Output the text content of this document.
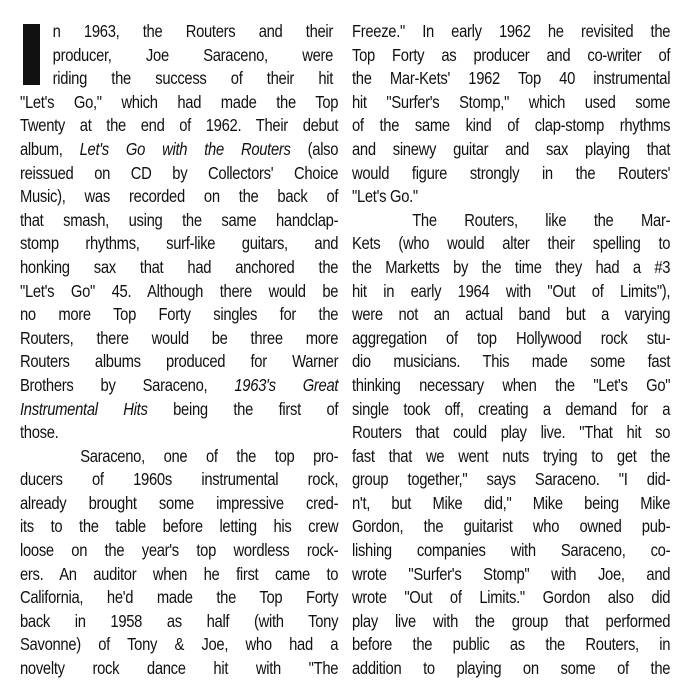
n 1963, the Routers and their
producer, Joe Saraceno, were
riding the success of their hit
"Let's Go," which had made the Top
Twenty at the end of 1962. Their debut
album, Let's Go with the Routers (also
reissued on CD by Collectors' Choice
Music), was recorded on the back of
that smash, using the same handclap-
stomp rhythms, surf-like guitars, and
honking sax that had anchored the
"Let's Go" 45. Although there would be
no more Top Forty singles for the
Routers, there would be three more
Routers albums produced for Warner
Brothers by Saraceno, 1963's Great
Instrumental Hits being the first of
those.
Saraceno, one of the top pro-
ducers of 1960s instrumental rock,
already brought some impressive cred-
its to the table before letting his crew
loose on the year's top wordless rock-
ers. An auditor when he first came to
California, he'd made the Top Forty
back in 1958 as half (with Tony
Savonne) of Tony & Joe, who had a
novelty rock dance hit with "The
Freeze." In early 1962 he revisited the
Top Forty as producer and co-writer of
the Mar-Kets' 1962 Top 40 instrumental
hit "Surfer's Stomp," which used some
of the same kind of clap-stomp rhythms
and sinewy guitar and sax playing that
would figure strongly in the Routers'
"Let's Go."
The Routers, like the Mar-
Kets (who would alter their spelling to
the Marketts by the time they had a #3
hit in early 1964 with "Out of Limits"),
were not an actual band but a varying
aggregation of top Hollywood rock stu-
dio musicians. This made some fast
thinking necessary when the "Let's Go"
single took off, creating a demand for a
Routers that could play live. "That hit so
fast that we went nuts trying to get the
group together," says Saraceno. "I did-
n't, but Mike did," Mike being Mike
Gordon, the guitarist who owned pub-
lishing companies with Saraceno, co-
wrote "Surfer's Stomp" with Joe, and
wrote "Out of Limits." Gordon also did
play live with the group that performed
before the public as the Routers, in
addition to playing on some of the
